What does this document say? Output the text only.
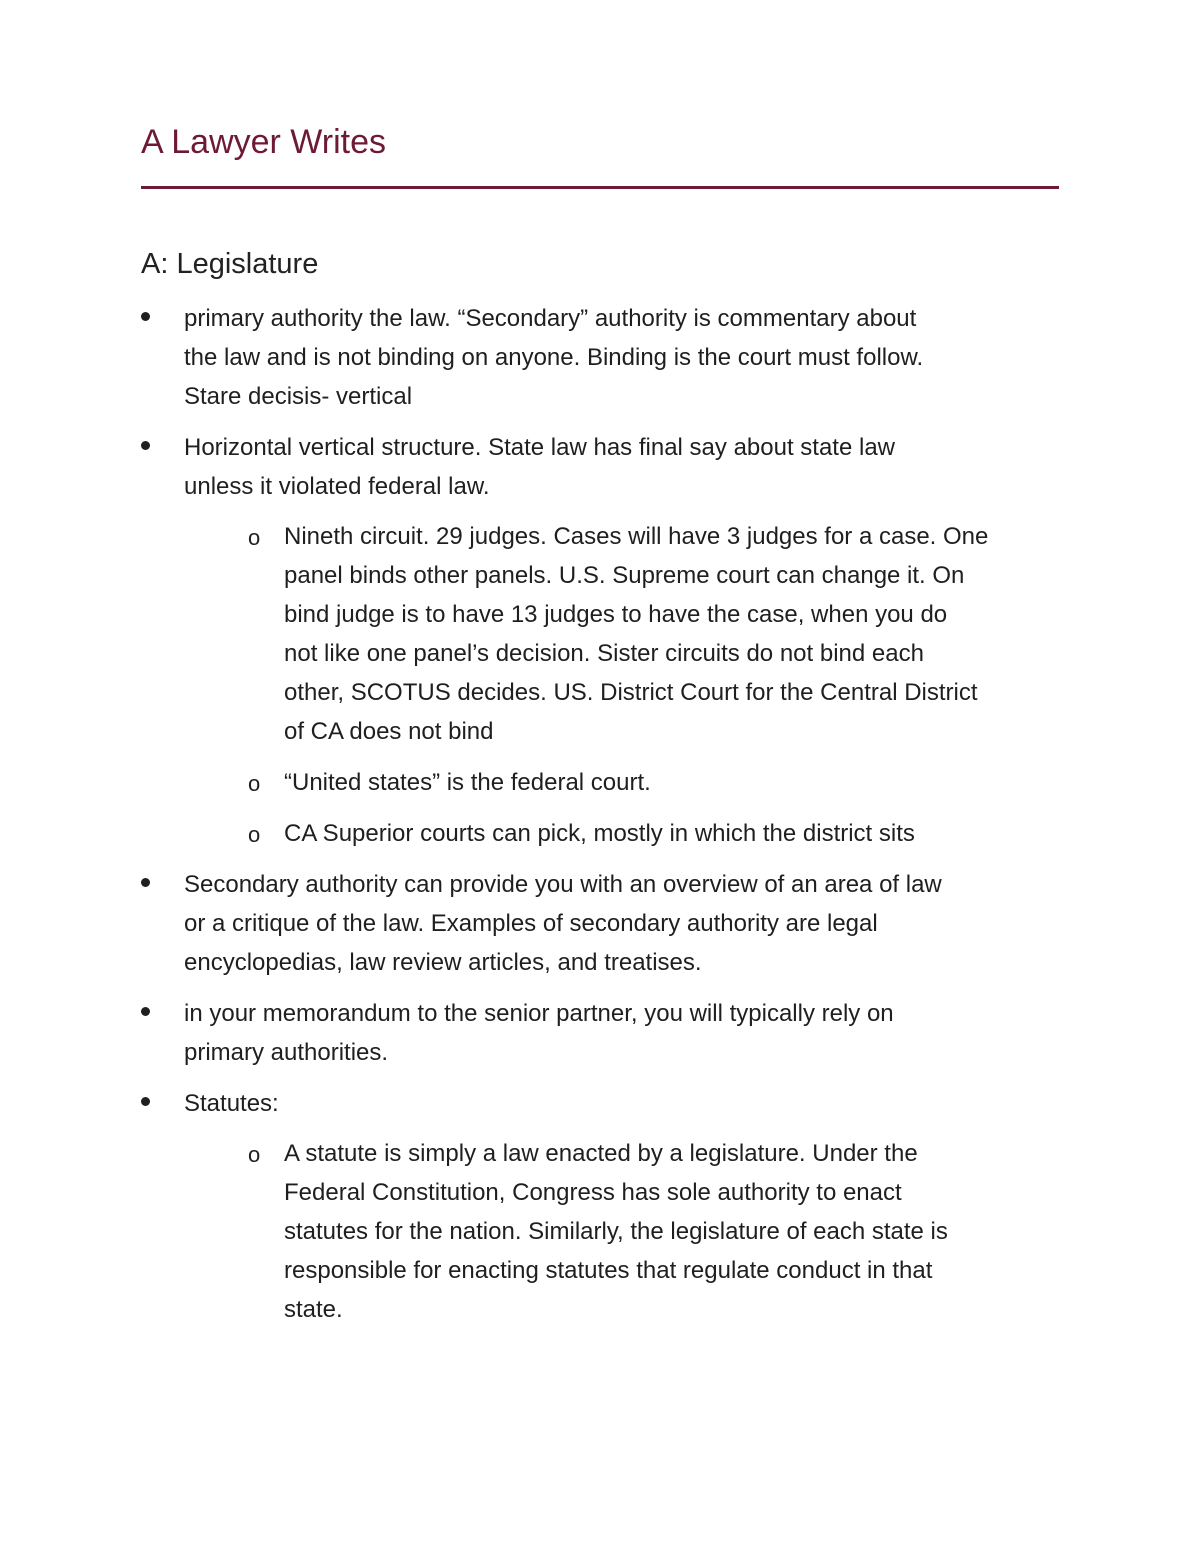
A Lawyer Writes
A: Legislature
primary authority the law. “Secondary” authority is commentary about
the law and is not binding on anyone. Binding is the court must follow.
Stare decisis- vertical
Horizontal vertical structure. State law has final say about state law
unless it violated federal law.
o Nineth circuit. 29 judges. Cases will have 3 judges for a case. One
panel binds other panels. U.S. Supreme court can change it. On
bind judge is to have 13 judges to have the case, when you do
not like one panel’s decision. Sister circuits do not bind each
other, SCOTUS decides. US. District Court for the Central District
of CA does not bind
o “United states” is the federal court.
o CA Superior courts can pick, mostly in which the district sits
Secondary authority can provide you with an overview of an area of law
or a critique of the law. Examples of secondary authority are legal
encyclopedias, law review articles, and treatises.
in your memorandum to the senior partner, you will typically rely on
primary authorities.
Statutes:
o A statute is simply a law enacted by a legislature. Under the
Federal Constitution, Congress has sole authority to enact
statutes for the nation. Similarly, the legislature of each state is
responsible for enacting statutes that regulate conduct in that
state.
